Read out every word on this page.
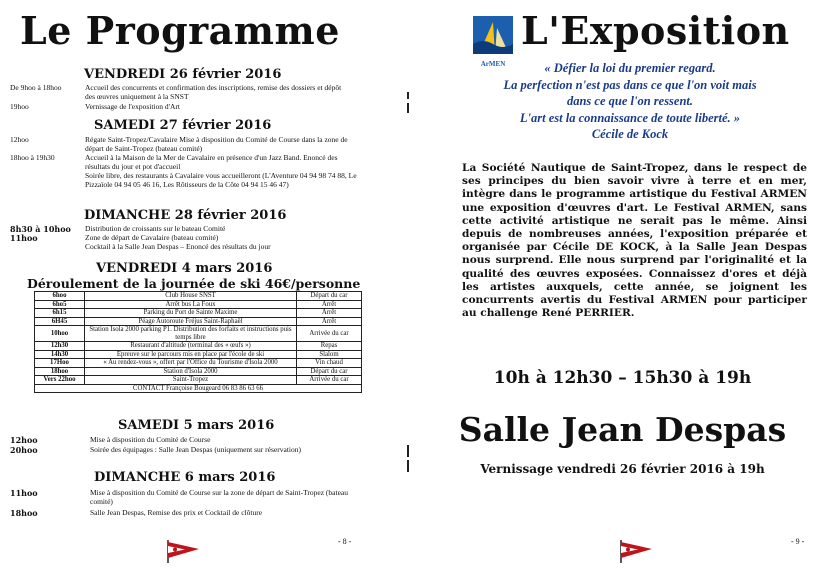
Le Programme
VENDREDI 26 février 2016
De 9hoo à 18hoo	Accueil des concurrents et confirmation des inscriptions, remise des dossiers et dépôt des œuvres uniquement à la SNST
19hoo	Vernissage de l'exposition d'Art
SAMEDI 27 février 2016
12hoo	Régate Saint-Tropez/Cavalaire Mise à disposition du Comité de Course dans la zone de départ de Saint-Tropez (bateau comité)
18hoo à 19h30	Accueil à la Maison de la Mer de Cavalaire en présence d'un Jazz Band. Enoncé des résultats du jour et pot d'accueil
Soirée libre, des restaurants à Cavalaire vous accueilleront (L'Aventure 04 94 98 74 88, Le Pizzaïole 04 94 05 46 16, Les Rôtisseurs de la Côte 04 94 15 46 47)
DIMANCHE 28 février 2016
8h30 à 10hoo Distribution de croissants sur le bateau Comité
11hoo	Zone de départ de Cavalaire (bateau comité)
Cocktail à la Salle Jean Despas – Enoncé des résultats du jour
VENDREDI 4 mars 2016
Déroulement de la journée de ski 46€/personne
6hoo	Club House SNST	Départ du car
6ho5	Arrêt bus La Foux	Arrêt
6h15	Parking du Port de Sainte Maxime	Arrêt
6H45	Péage Autoroute Fréjus Saint-Raphaël	Arrêt
10hoo	Station Isola 2000 parking P1. Distribution des forfaits et instructions puis temps libre	Arrivée du car
12h30	Restaurant d'altitude (terminal des « œufs »)	Repas
14h30	Epreuve sur le parcours mis en place par l'école de ski	Slalom
17Hoo	« Au rendez-vous », offert par l'Office du Tourisme d'Isola 2000	Vin chaud
18hoo	Station d'Isola 2000	Départ du car
Vers 22hoo	Saint-Tropez	Arrivée du car
CONTACT Françoise Bougeard 06 83 86 63 66		
SAMEDI 5 mars 2016
12hoo	Mise à disposition du Comité de Course
20hoo	Soirée des équipages : Salle Jean Despas (uniquement sur réservation)
DIMANCHE 6 mars 2016
11hoo	Mise à disposition du Comité de Course sur la zone de départ de Saint-Tropez (bateau comité)
18hoo	Salle Jean Despas, Remise des prix et Cocktail de clôture
- 8 -
ArMEN
L'Exposition
« Défier la loi du premier regard.
La perfection n'est pas dans ce que l'on voit mais
dans ce que l'on ressent.
L'art est la connaissance de toute liberté. »
Cécile de Kock
La Société Nautique de Saint-Tropez, dans le respect de ses principes du bien savoir vivre à terre et en mer, intègre dans le programme artistique du Festival ARMEN une exposition d'œuvres d'art. Le Festival ARMEN, sans cette activité artistique ne serait pas le même. Ainsi depuis de nombreuses années, l'exposition préparée et organisée par Cécile DE KOCK, à la Salle Jean Despas nous surprend. Elle nous surprend par l'originalité et la qualité des œuvres exposées. Connaissez d'ores et déjà les artistes auxquels, cette année, se joignent les concurrents avertis du Festival ARMEN pour participer au challenge René PERRIER.
10h à 12h30 – 15h30 à 19h
Salle Jean Despas
Vernissage vendredi 26 février 2016 à 19h
- 9 -
